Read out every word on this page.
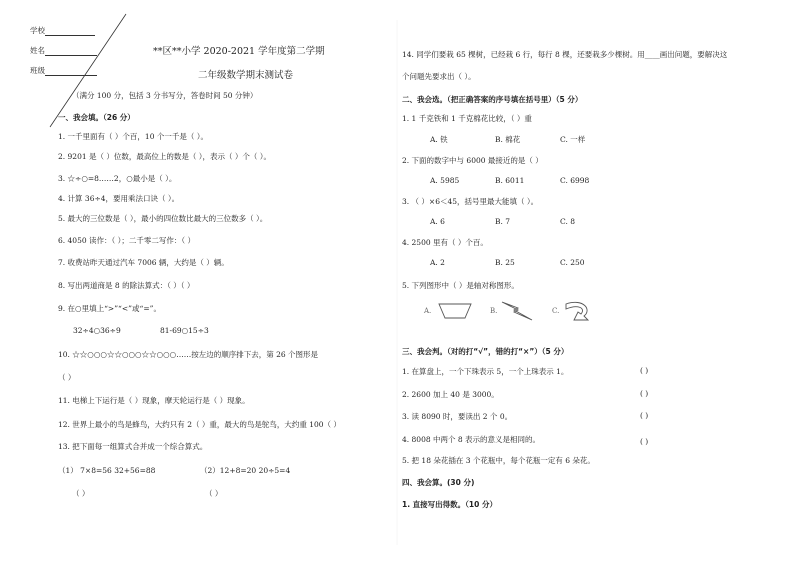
学校
姓名
班级
**区**小学 2020-2021 学年度第二学期
二年级数学期末测试卷
（满分 100 分，包括 3 分书写分，答卷时间 50 分钟）
一、我会填。（26 分）
1. 一千里面有（ ）个百，10 个一千是（ ）。
2. 9201 是（ ）位数，最高位上的数是（ ），表示（ ）个（ ）。
3. ☆÷○=8……2，○最小是（ ）。
4. 计算 36÷4，要用乘法口诀（ ）。
5. 最大的三位数是（ ），最小的四位数比最大的三位数多（ ）。
6. 4050 读作：（ ）；二千零二写作：（ ）
7. 收费站昨天通过汽车 7006 辆，大约是（ ）辆。
8. 写出两道商是 8 的除法算式：（ ）（ ）
9. 在○里填上“>”“<”或“=”。
32÷4○36÷9	81-69○15÷3
10. ☆☆○○○☆☆○○○☆☆○○○……按左边的顺序排下去，第 26 个图形是
（ ）
11. 电梯上下运行是（ ）现象，摩天轮运行是（ ）现象。
12. 世界上最小的鸟是蜂鸟，大约只有 2（ ）重，最大的鸟是鸵鸟，大约重 100（ ）
13. 把下面每一组算式合并成一个综合算式。
（1） 7×8=56 32+56=88	（2）12+8=20 20÷5=4
（ ）	（ ）
14. 同学们要栽 65 棵树，已经栽 6 行，每行 8 棵，还要栽多少棵树。用____画出问题，要解决这
个问题先要求出（ ）。
二、我会选。（把正确答案的序号填在括号里）（5 分）
1. 1 千克铁和 1 千克棉花比较，（ ）重
A. 铁	B. 棉花	C. 一样
2. 下面的数字中与 6000 最接近的是（ ）
A. 5985	B. 6011	C. 6998
3. （ ）×6＜45，括号里最大能填（ ）。
A. 6	B. 7	C. 8
4. 2500 里有（ ）个百。
A. 2	B. 25	C. 250
5. 下列图形中（ ）是轴对称图形。
A.	B.	C.
三、我会判。（对的打“√”，错的打“×”）（5 分）
1. 在算盘上，一个下珠表示 5，一个上珠表示 1。	( )
2. 2600 加上 40 是 3000。	( )
3. 读 8090 时，要读出 2 个 0。	( )
4. 8008 中两个 8 表示的意义是相同的。	( )
5. 把 18 朵花插在 3 个花瓶中，每个花瓶一定有 6 朵花。
四、我会算。(30 分)
1. 直接写出得数。（10 分）
